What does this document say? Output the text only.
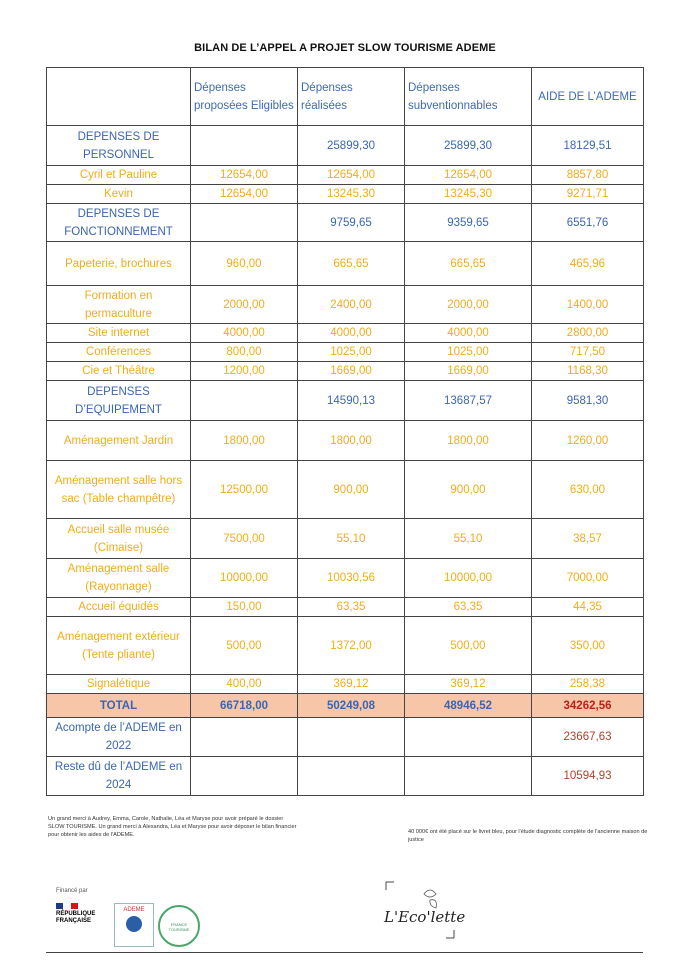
BILAN DE L’APPEL A PROJET SLOW TOURISME ADEME
	Dépenses proposées Eligibles	Dépenses réalisées	Dépenses subventionnables	AIDE DE L’ADEME
DEPENSES DE PERSONNEL		25899,30	25899,30	18129,51
Cyril et Pauline	12654,00	12654,00	12654,00	8857,80
Kevin	12654,00	13245,30	13245,30	9271,71
DEPENSES DE FONCTIONNEMENT		9759,65	9359,65	6551,76
Papeterie, brochures	960,00	665,65	665,65	465,96
Formation en permaculture	2000,00	2400,00	2000,00	1400,00
Site internet	4000,00	4000,00	4000,00	2800,00
Conférences	800,00	1025,00	1025,00	717,50
Cie et Théâtre	1200,00	1669,00	1669,00	1168,30
DEPENSES D’EQUIPEMENT		14590,13	13687,57	9581,30
Aménagement Jardin	1800,00	1800,00	1800,00	1260,00
Aménagement salle hors sac (Table champêtre)	12500,00	900,00	900,00	630,00
Accueil salle musée (Cimaise)	7500,00	55,10	55,10	38,57
Aménagement salle (Rayonnage)	10000,00	10030,56	10000,00	7000,00
Accueil équidés	150,00	63,35	63,35	44,35
Aménagement extérieur (Tente pliante)	500,00	1372,00	500,00	350,00
Signalétique	400,00	369,12	369,12	258,38
TOTAL	66718,00	50249,08	48946,52	34262,56
Acompte de l’ADEME en 2022				23667,63
Reste dû de l’ADEME en 2024				10594,93
Un grand merci à Audrey, Emma, Carole, Nathalie, Léa et Maryse pour avoir préparé le dossier SLOW TOURISME. Un grand merci à Alexandra, Léa et Maryse pour avoir déposer le bilan financier pour obtenir les aides de l'ADEME.	40 000€ ont été placé sur le livret bleu, pour l'étude diagnostic complète de l'ancienne maison de justice
Financé par
RÉPUBLIQUE FRANÇAISE
ADEME
FRANCE TOURISME
L'Eco'lette
